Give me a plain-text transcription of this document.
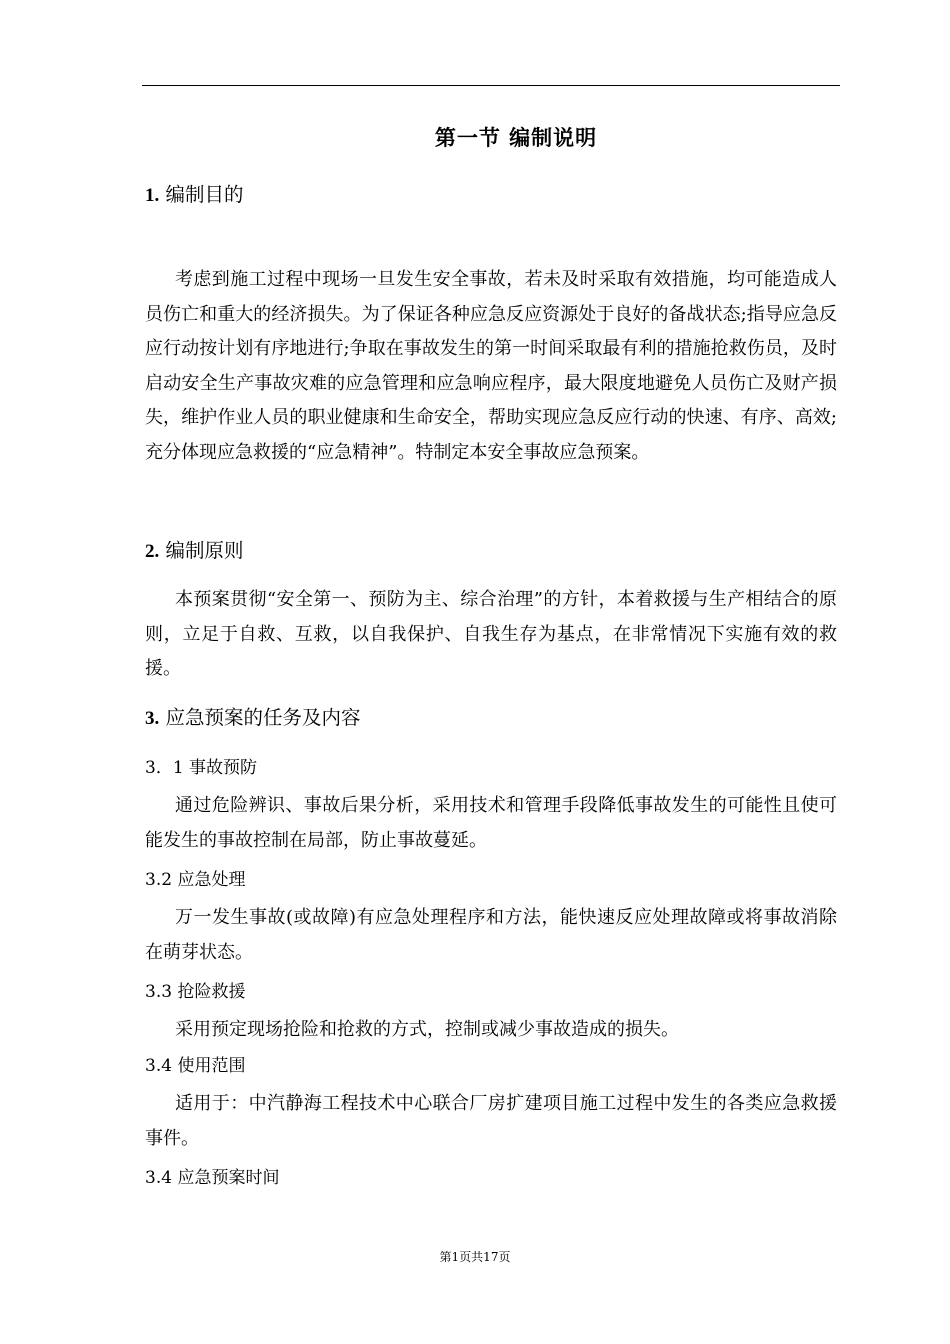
第一节 编制说明
1. 编制目的
考虑到施工过程中现场一旦发生安全事故，若未及时采取有效措施，均可能造成人员伤亡和重大的经济损失。为了保证各种应急反应资源处于良好的备战状态;指导应急反应行动按计划有序地进行;争取在事故发生的第一时间采取最有利的措施抢救伤员，及时启动安全生产事故灾难的应急管理和应急响应程序，最大限度地避免人员伤亡及财产损失，维护作业人员的职业健康和生命安全，帮助实现应急反应行动的快速、有序、高效;充分体现应急救援的“应急精神”。特制定本安全事故应急预案。
2. 编制原则
本预案贯彻“安全第一、预防为主、综合治理”的方针，本着救援与生产相结合的原则，立足于自救、互救，以自我保护、自我生存为基点，在非常情况下实施有效的救援。
3. 应急预案的任务及内容
3．1 事故预防
通过危险辨识、事故后果分析，采用技术和管理手段降低事故发生的可能性且使可能发生的事故控制在局部，防止事故蔓延。
3.2 应急处理
万一发生事故(或故障)有应急处理程序和方法，能快速反应处理故障或将事故消除在萌芽状态。
3.3 抢险救援
采用预定现场抢险和抢救的方式，控制或减少事故造成的损失。
3.4 使用范围
适用于：中汽静海工程技术中心联合厂房扩建项目施工过程中发生的各类应急救援事件。
3.4 应急预案时间
第1页共17页
